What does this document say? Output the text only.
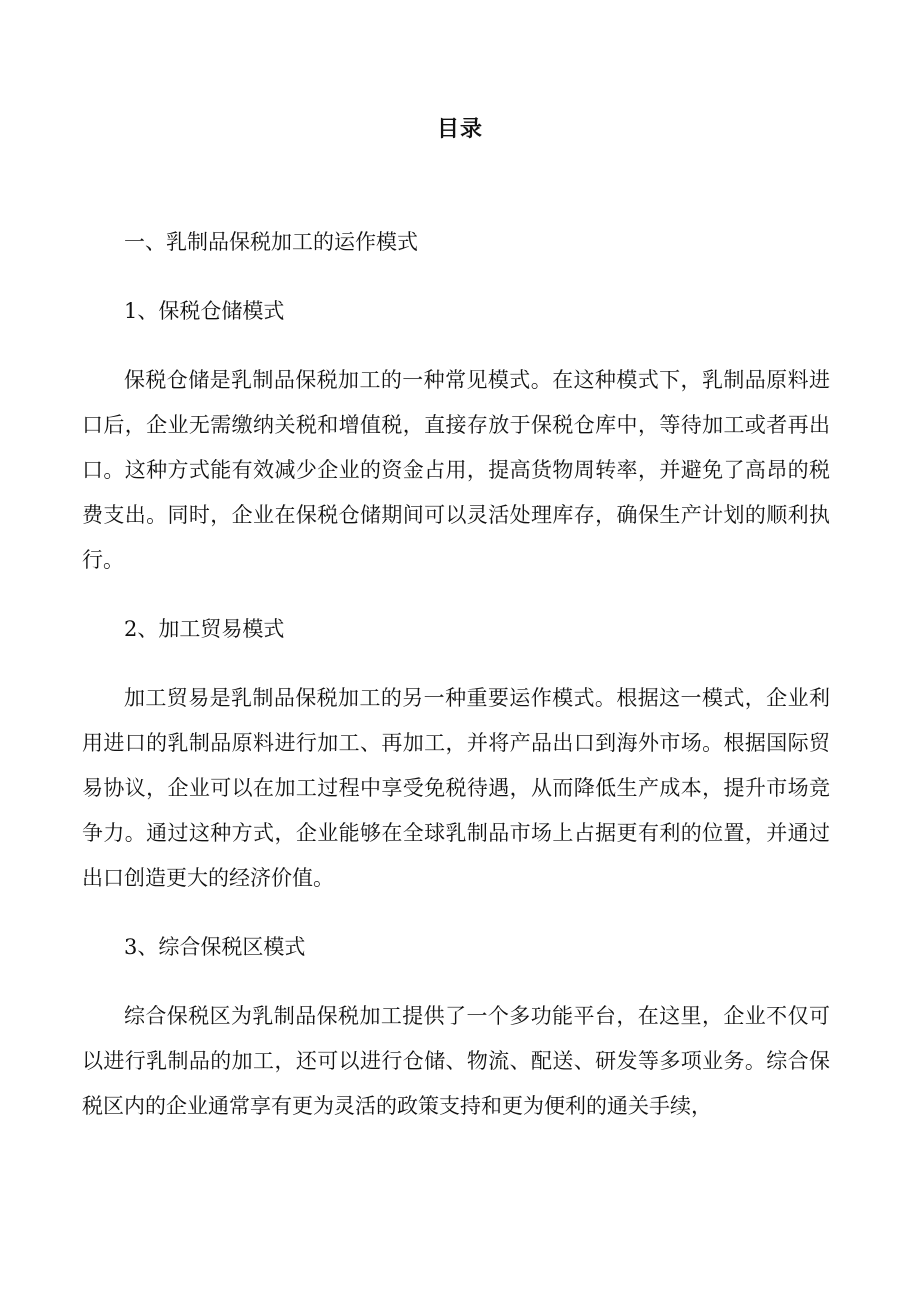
目录

一、乳制品保税加工的运作模式

1、保税仓储模式

保税仓储是乳制品保税加工的一种常见模式。在这种模式下，乳制品原料进口后，企业无需缴纳关税和增值税，直接存放于保税仓库中，等待加工或者再出口。这种方式能有效减少企业的资金占用，提高货物周转率，并避免了高昂的税费支出。同时，企业在保税仓储期间可以灵活处理库存，确保生产计划的顺利执行。

2、加工贸易模式

加工贸易是乳制品保税加工的另一种重要运作模式。根据这一模式，企业利用进口的乳制品原料进行加工、再加工，并将产品出口到海外市场。根据国际贸易协议，企业可以在加工过程中享受免税待遇，从而降低生产成本，提升市场竞争力。通过这种方式，企业能够在全球乳制品市场上占据更有利的位置，并通过出口创造更大的经济价值。

3、综合保税区模式

综合保税区为乳制品保税加工提供了一个多功能平台，在这里，企业不仅可以进行乳制品的加工，还可以进行仓储、物流、配送、研发等多项业务。综合保税区内的企业通常享有更为灵活的政策支持和更为便利的通关手续，
